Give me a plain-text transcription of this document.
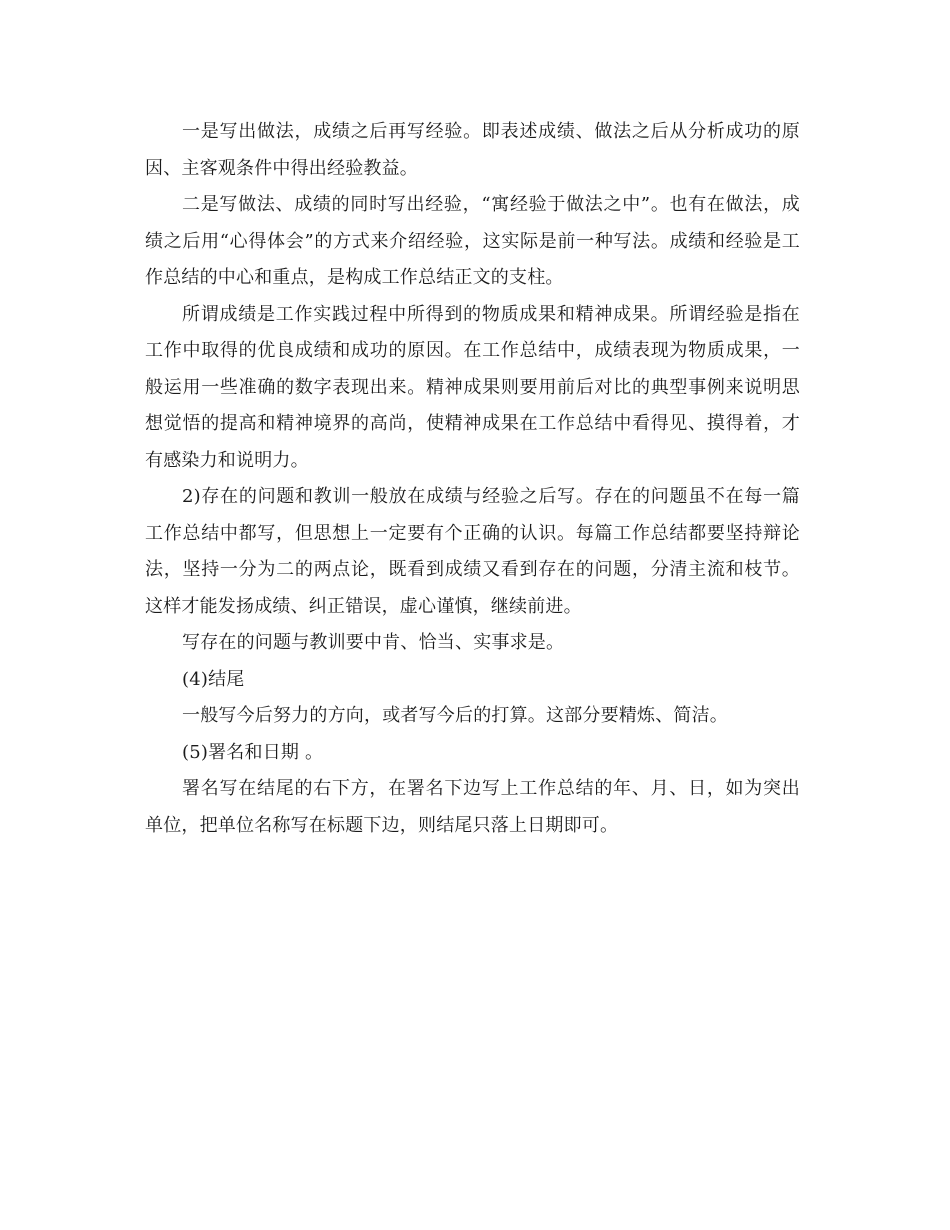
一是写出做法，成绩之后再写经验。即表述成绩、做法之后从分析成功的原因、主客观条件中得出经验教益。

二是写做法、成绩的同时写出经验，“寓经验于做法之中”。也有在做法，成绩之后用“心得体会”的方式来介绍经验，这实际是前一种写法。成绩和经验是工作总结的中心和重点，是构成工作总结正文的支柱。

所谓成绩是工作实践过程中所得到的物质成果和精神成果。所谓经验是指在工作中取得的优良成绩和成功的原因。在工作总结中，成绩表现为物质成果，一般运用一些准确的数字表现出来。精神成果则要用前后对比的典型事例来说明思想觉悟的提高和精神境界的高尚，使精神成果在工作总结中看得见、摸得着，才有感染力和说明力。

2)存在的问题和教训一般放在成绩与经验之后写。存在的问题虽不在每一篇工作总结中都写，但思想上一定要有个正确的认识。每篇工作总结都要坚持辩论法，坚持一分为二的两点论，既看到成绩又看到存在的问题，分清主流和枝节。这样才能发扬成绩、纠正错误，虚心谨慎，继续前进。

写存在的问题与教训要中肯、恰当、实事求是。

(4)结尾

一般写今后努力的方向，或者写今后的打算。这部分要精炼、简洁。

(5)署名和日期 。

署名写在结尾的右下方，在署名下边写上工作总结的年、月、日，如为突出单位，把单位名称写在标题下边，则结尾只落上日期即可。
